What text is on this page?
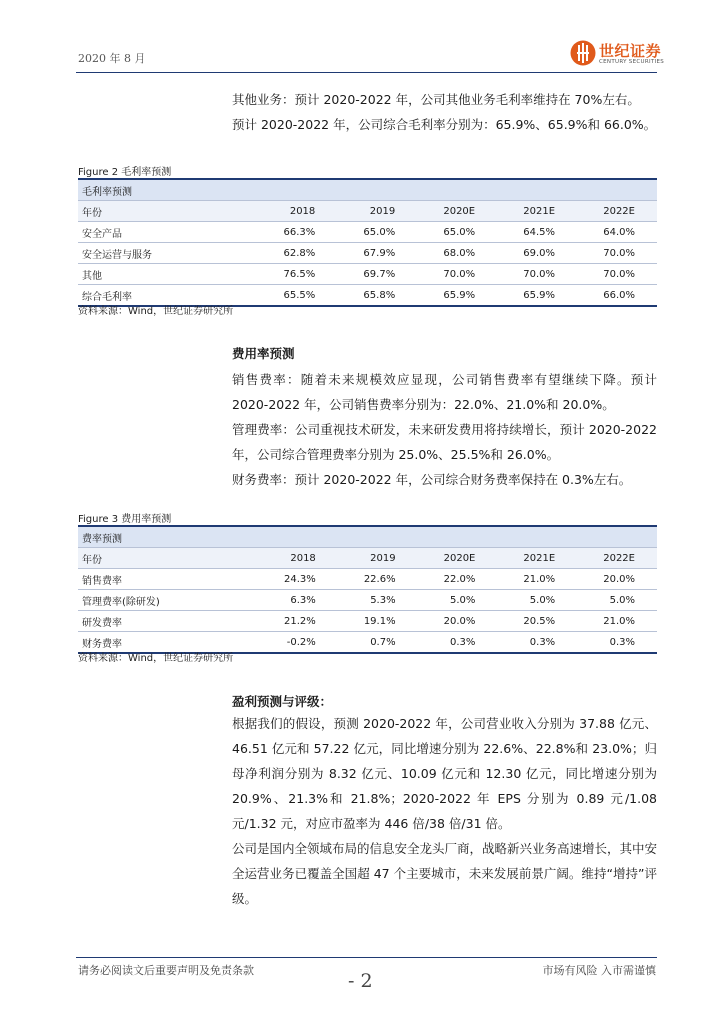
2020 年 8 月	世纪证券
CENTURY SECURITIES
其他业务：预计 2020-2022 年，公司其他业务毛利率维持在 70%左右。
预计 2020-2022 年，公司综合毛利率分别为：65.9%、65.9%和 66.0%。
Figure 2 毛利率预测
毛利率预测					
年份	2018	2019	2020E	2021E	2022E
安全产品	66.3%	65.0%	65.0%	64.5%	64.0%
安全运营与服务	62.8%	67.9%	68.0%	69.0%	70.0%
其他	76.5%	69.7%	70.0%	70.0%	70.0%
综合毛利率	65.5%	65.8%	65.9%	65.9%	66.0%
资料来源：Wind，世纪证券研究所
费用率预测
销售费率：随着未来规模效应显现，公司销售费率有望继续下降。预计 2020-2022 年，公司销售费率分别为：22.0%、21.0%和 20.0%。
管理费率：公司重视技术研发，未来研发费用将持续增长，预计 2020-2022 年，公司综合管理费率分别为 25.0%、25.5%和 26.0%。
财务费率：预计 2020-2022 年，公司综合财务费率保持在 0.3%左右。
Figure 3 费用率预测
费率预测					
年份	2018	2019	2020E	2021E	2022E
销售费率	24.3%	22.6%	22.0%	21.0%	20.0%
管理费率(除研发)	6.3%	5.3%	5.0%	5.0%	5.0%
研发费率	21.2%	19.1%	20.0%	20.5%	21.0%
财务费率	-0.2%	0.7%	0.3%	0.3%	0.3%
资料来源：Wind，世纪证券研究所
盈利预测与评级：
根据我们的假设，预测 2020-2022 年，公司营业收入分别为 37.88 亿元、46.51 亿元和 57.22 亿元，同比增速分别为 22.6%、22.8%和 23.0%；归母净利润分别为 8.32 亿元、10.09 亿元和 12.30 亿元，同比增速分别为 20.9%、21.3%和 21.8%；2020-2022 年 EPS 分别为 0.89 元/1.08 元/1.32 元，对应市盈率为 446 倍/38 倍/31 倍。
公司是国内全领域布局的信息安全龙头厂商，战略新兴业务高速增长，其中安全运营业务已覆盖全国超 47 个主要城市，未来发展前景广阔。维持“增持”评级。
请务必阅读文后重要声明及免责条款	市场有风险 入市需谨慎
- 2
